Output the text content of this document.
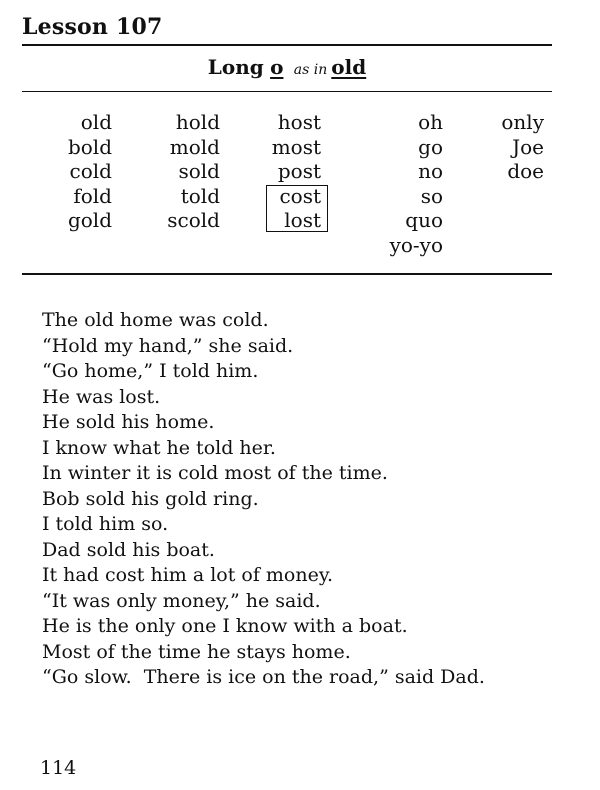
Lesson 107
Long o as in old
old
bold
cold
fold
gold
hold
mold
sold
told
scold
host
most
post
cost
lost
oh
go
no
so
quo
yo-yo
only
Joe
doe
The old home was cold.
“Hold my hand,” she said.
“Go home,” I told him.
He was lost.
He sold his home.
I know what he told her.
In winter it is cold most of the time.
Bob sold his gold ring.
I told him so.
Dad sold his boat.
It had cost him a lot of money.
“It was only money,” he said.
He is the only one I know with a boat.
Most of the time he stays home.
“Go slow.  There is ice on the road,” said Dad.
114
